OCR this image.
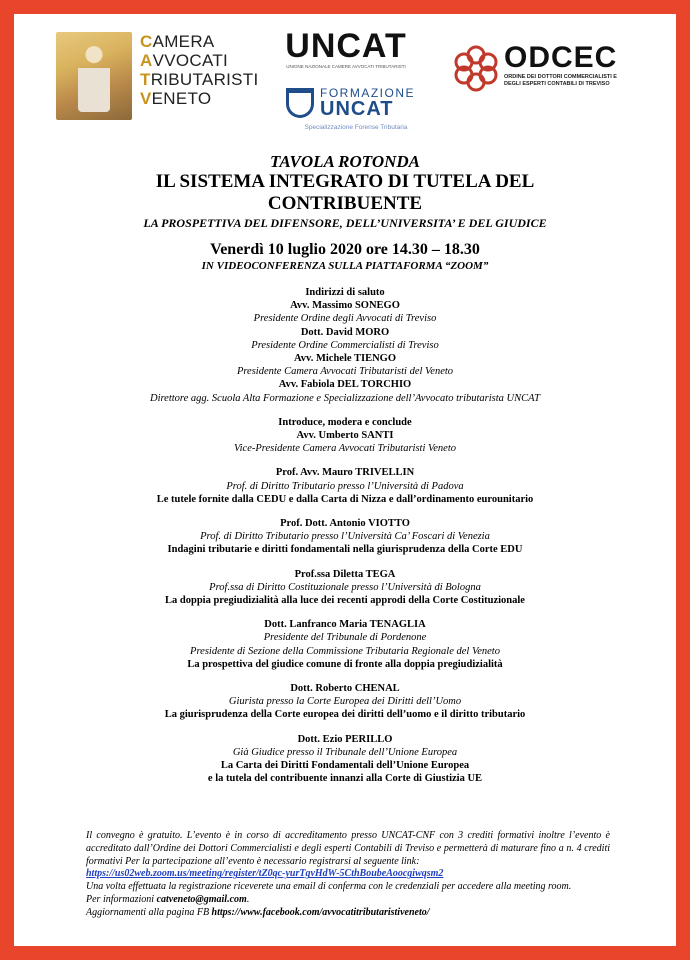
CAMERA
AVVOCATI
TRIBUTARISTI
VENETO
UNCAT
UNIONE NAZIONALE CAMERE AVVOCATI TRIBUTARISTI
FORMAZIONE
UNCAT
Specializzazione Forense Tributaria
ODCEC
ORDINE DEI DOTTORI COMMERCIALISTI E
DEGLI ESPERTI CONTABILI DI TREVISO
TAVOLA ROTONDA
IL SISTEMA INTEGRATO DI TUTELA DEL
CONTRIBUENTE
LA PROSPETTIVA DEL DIFENSORE, DELL’UNIVERSITA’ E DEL GIUDICE
Venerdì 10 luglio 2020 ore 14.30 – 18.30
IN VIDEOCONFERENZA SULLA PIATTAFORMA “ZOOM”
Indirizzi di saluto
Avv. Massimo SONEGO
Presidente Ordine degli Avvocati di Treviso
Dott. David MORO
Presidente Ordine Commercialisti di Treviso
Avv. Michele TIENGO
Presidente Camera Avvocati Tributaristi del Veneto
Avv. Fabiola DEL TORCHIO
Direttore agg. Scuola Alta Formazione e Specializzazione dell’Avvocato tributarista UNCAT
Introduce, modera e conclude
Avv. Umberto SANTI
Vice-Presidente Camera Avvocati Tributaristi Veneto
Prof. Avv. Mauro TRIVELLIN
Prof. di Diritto Tributario presso l’Università di Padova
Le tutele fornite dalla CEDU e dalla Carta di Nizza e dall’ordinamento eurounitario
Prof. Dott. Antonio VIOTTO
Prof. di Diritto Tributario presso l’Università Ca’ Foscari di Venezia
Indagini tributarie e diritti fondamentali nella giurisprudenza della Corte EDU
Prof.ssa Diletta TEGA
Prof.ssa di Diritto Costituzionale presso l’Università di Bologna
La doppia pregiudizialità alla luce dei recenti approdi della Corte Costituzionale
Dott. Lanfranco Maria TENAGLIA
Presidente del Tribunale di Pordenone
Presidente di Sezione della Commissione Tributaria Regionale del Veneto
La prospettiva del giudice comune di fronte alla doppia pregiudizialità
Dott. Roberto CHENAL
Giurista presso la Corte Europea dei Diritti dell’Uomo
La giurisprudenza della Corte europea dei diritti dell’uomo e il diritto tributario
Dott. Ezio PERILLO
Già Giudice presso il Tribunale dell’Unione Europea
La Carta dei Diritti Fondamentali dell’Unione Europea
e la tutela del contribuente innanzi alla Corte di Giustizia UE
Il convegno è gratuito. L’evento è in corso di accreditamento presso UNCAT-CNF con 3 crediti formativi inoltre l’evento è accreditato dall’Ordine dei Dottori Commercialisti e degli esperti Contabili di Treviso e permetterà di maturare fino a n. 4 crediti formativi Per la partecipazione all’evento è necessario registrarsi al seguente link:
https://us02web.zoom.us/meeting/register/tZ0qc-yurTgvHdW-5CthBoubeAoocgiwqsm2
Una volta effettuata la registrazione riceverete una email di conferma con le credenziali per accedere alla meeting room.
Per informazioni catveneto@gmail.com.
Aggiornamenti alla pagina FB https://www.facebook.com/avvocatitributaristiveneto/
